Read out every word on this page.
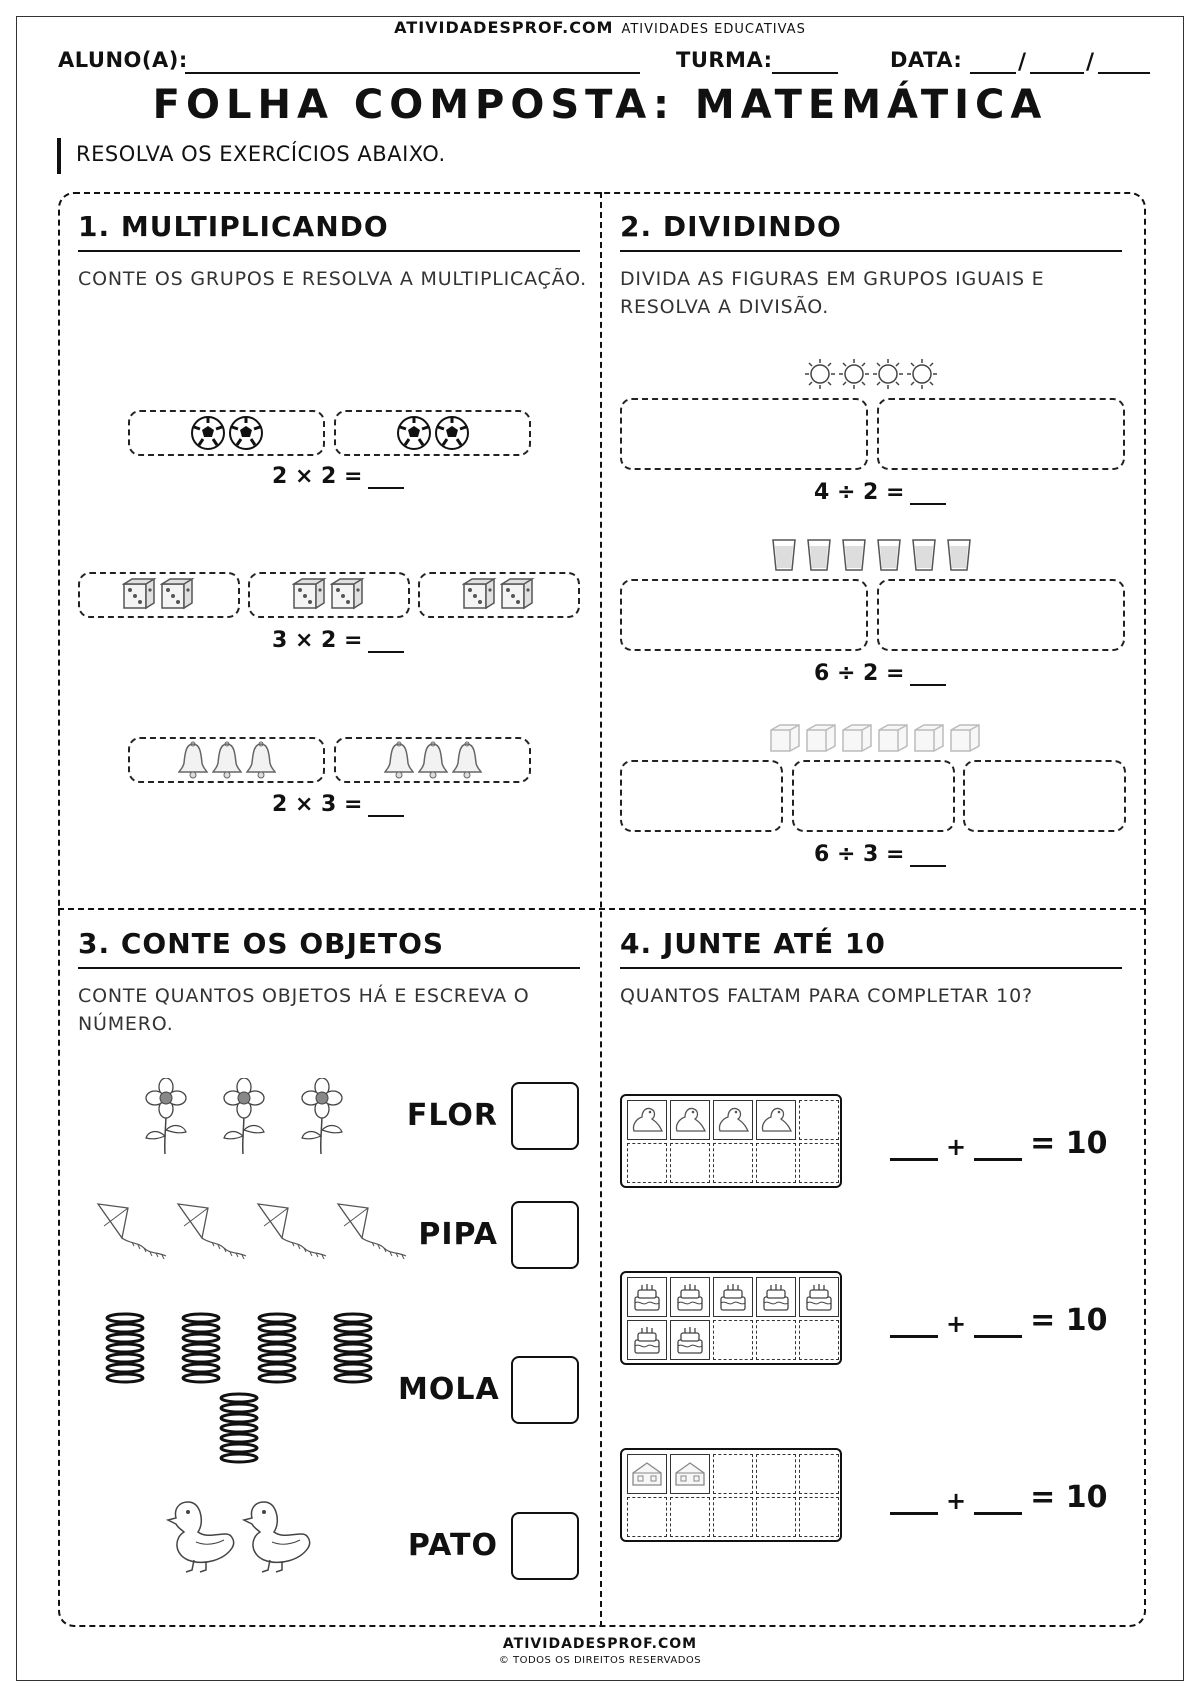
ATIVIDADESPROF.COM ATIVIDADES EDUCATIVAS
ALUNO(A):	TURMA:	DATA:	/	/
FOLHA COMPOSTA: MATEMÁTICA
RESOLVA OS EXERCÍCIOS ABAIXO.
1. MULTIPLICANDO
CONTE OS GRUPOS E RESOLVA A MULTIPLICAÇÃO.
2 × 2 =
3 × 2 =
2 × 3 =
2. DIVIDINDO
DIVIDA AS FIGURAS EM GRUPOS IGUAIS E RESOLVA A DIVISÃO.
4 ÷ 2 =
6 ÷ 2 =
6 ÷ 3 =
3. CONTE OS OBJETOS
CONTE QUANTOS OBJETOS HÁ E ESCREVA O NÚMERO.
FLOR
PIPA
MOLA
PATO
4. JUNTE ATÉ 10
QUANTOS FALTAM PARA COMPLETAR 10?
+ = 10
+ = 10
+ = 10
ATIVIDADESPROF.COM
© TODOS OS DIREITOS RESERVADOS
